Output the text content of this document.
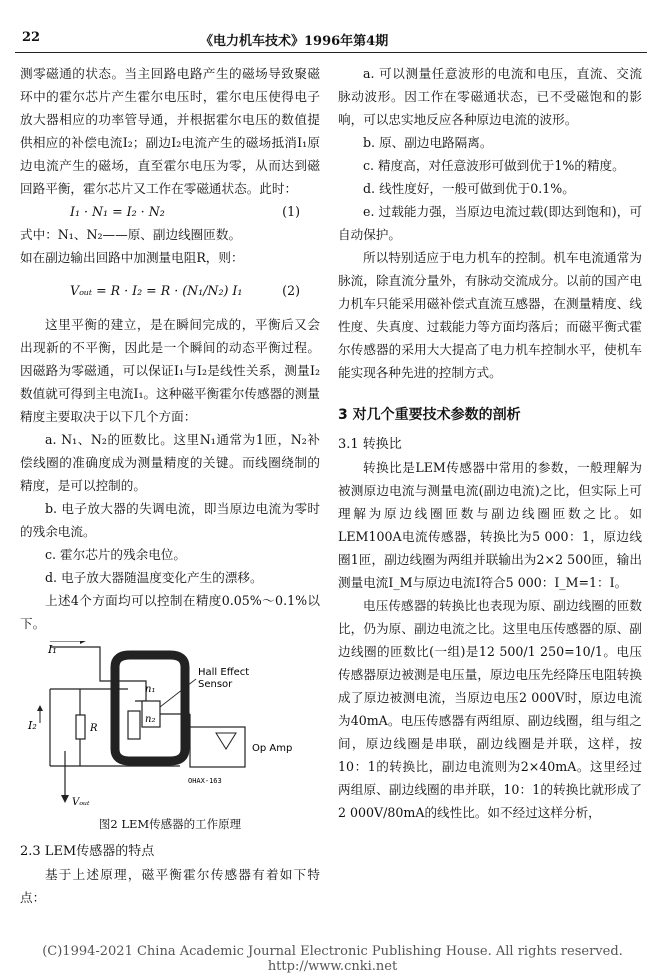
22	《电力机车技术》1996年第4期

测零磁通的状态。当主回路电路产生的磁场导致聚磁环中的霍尔芯片产生霍尔电压时，霍尔电压使得电子放大器相应的功率管导通，并根据霍尔电压的数值提供相应的补偿电流I₂；副边I₂电流产生的磁场抵消I₁原边电流产生的磁场，直至霍尔电压为零，从而达到磁回路平衡，霍尔芯片又工作在零磁通状态。此时：

I₁ · N₁ = I₂ · N₂	(1)

式中：N₁、N₂——原、副边线圈匝数。

如在副边输出回路中加测量电阻R，则：

Vₒᵤₜ = R · I₂ = R · (N₁/N₂) I₁	(2)

这里平衡的建立，是在瞬间完成的，平衡后又会出现新的不平衡，因此是一个瞬间的动态平衡过程。因磁路为零磁通，可以保证I₁与I₂是线性关系，测量I₂数值就可得到主电流I₁。这种磁平衡霍尔传感器的测量精度主要取决于以下几个方面：

a. N₁、N₂的匝数比。这里N₁通常为1匝，N₂补偿线圈的准确度成为测量精度的关键。而线圈绕制的精度，是可以控制的。

b. 电子放大器的失调电流，即当原边电流为零时的残余电流。

c. 霍尔芯片的残余电位。

d. 电子放大器随温度变化产生的漂移。

上述4个方面均可以控制在精度0.05%～0.1%以下。

I₁
n₁
n₂
I₂	R
Vₒᵤₜ
Hall Effect
Sensor
Op Amp
OHAX-163
图2 LEM传感器的工作原理

2.3 LEM传感器的特点

基于上述原理，磁平衡霍尔传感器有着如下特点：

a. 可以测量任意波形的电流和电压，直流、交流脉动波形。因工作在零磁通状态，已不受磁饱和的影响，可以忠实地反应各种原边电流的波形。

b. 原、副边电路隔离。

c. 精度高，对任意波形可做到优于1%的精度。

d. 线性度好，一般可做到优于0.1%。

e. 过载能力强，当原边电流过载(即达到饱和)，可自动保护。

所以特别适应于电力机车的控制。机车电流通常为脉流，除直流分量外，有脉动交流成分。以前的国产电力机车只能采用磁补偿式直流互感器，在测量精度、线性度、失真度、过载能力等方面均落后；而磁平衡式霍尔传感器的采用大大提高了电力机车控制水平，使机车能实现各种先进的控制方式。

3 对几个重要技术参数的剖析

3.1 转换比

转换比是LEM传感器中常用的参数，一般理解为被测原边电流与测量电流(副边电流)之比，但实际上可理解为原边线圈匝数与副边线圈匝数之比。如LEM100A电流传感器，转换比为5 000：1，原边线圈1匝，副边线圈为两组并联输出为2×2 500匝，输出测量电流I_M与原边电流I符合5 000：I_M=1：I。

电压传感器的转换比也表现为原、副边线圈的匝数比，仍为原、副边电流之比。这里电压传感器的原、副边线圈的匝数比(一组)是12 500/1 250=10/1。电压传感器原边被测是电压量，原边电压先经降压电阻转换成了原边被测电流，当原边电压2 000V时，原边电流为40mA。电压传感器有两组原、副边线圈，组与组之间，原边线圈是串联，副边线圈是并联，这样，按10：1的转换比，副边电流则为2×40mA。这里经过两组原、副边线圈的串并联，10：1的转换比就形成了2 000V/80mA的线性比。如不经过这样分析，

(C)1994-2021 China Academic Journal Electronic Publishing House. All rights reserved. http://www.cnki.net
